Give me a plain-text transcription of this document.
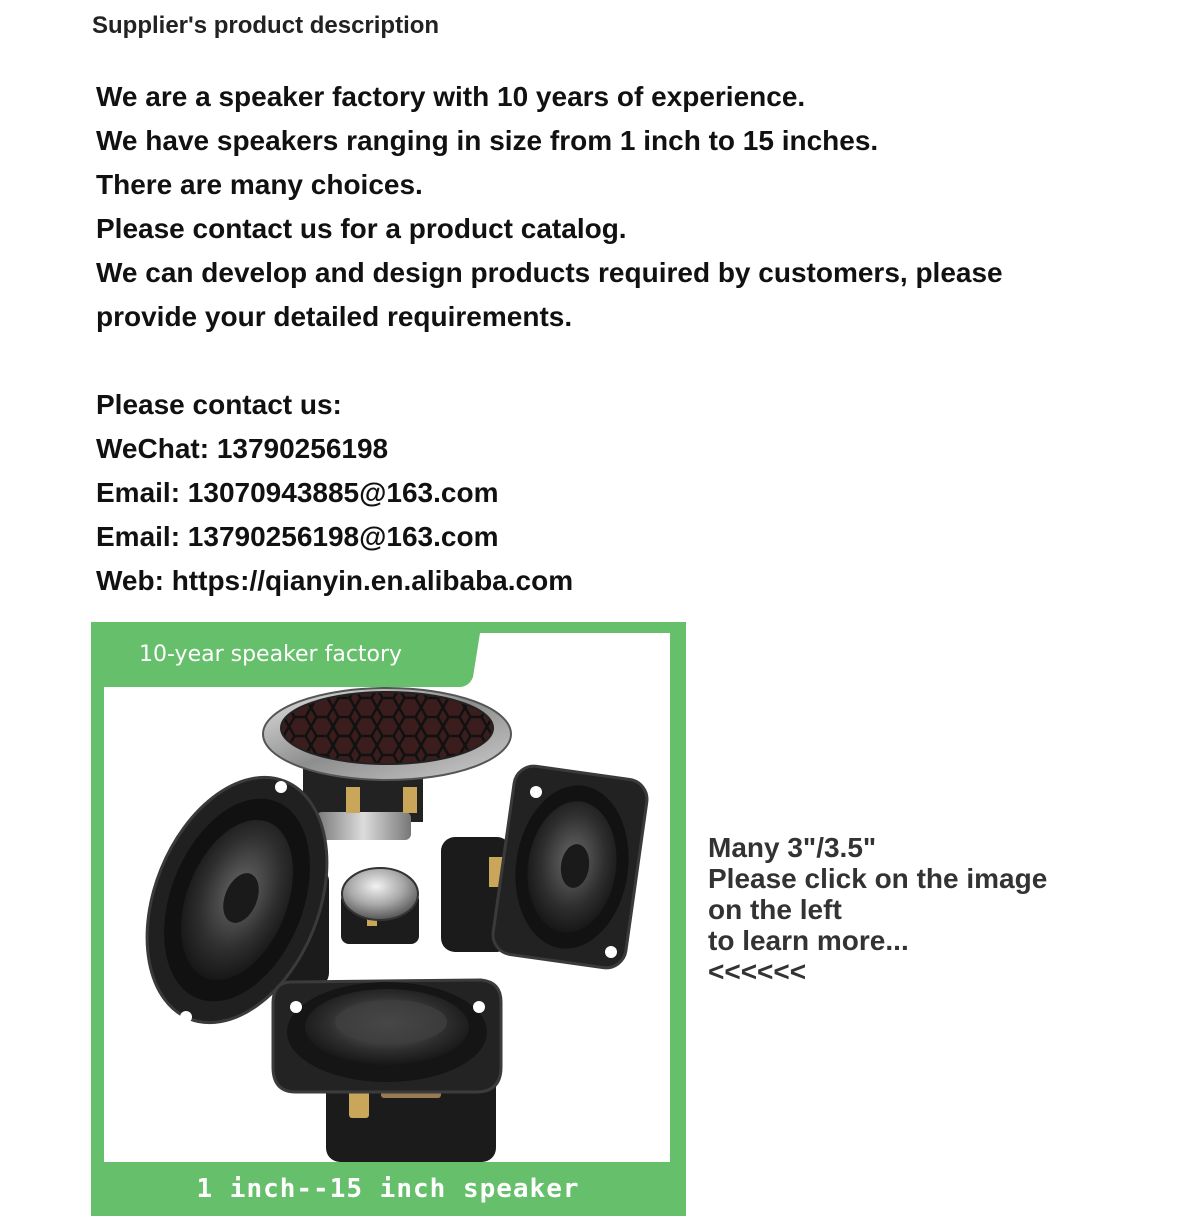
Supplier's product description

We are a speaker factory with 10 years of experience.

We have speakers ranging in size from 1 inch to 15 inches.

There are many choices.

Please contact us for a product catalog.

We can develop and design products required by customers, please provide your detailed requirements.

Please contact us:

WeChat: 13790256198

Email: 13070943885@163.com

Email: 13790256198@163.com

Web: https://qianyin.en.alibaba.com

10-year speaker factory
1 inch--15 inch speaker
Many 3"/3.5"
Please click on the image
on the left
to learn more...
<<<<<<
